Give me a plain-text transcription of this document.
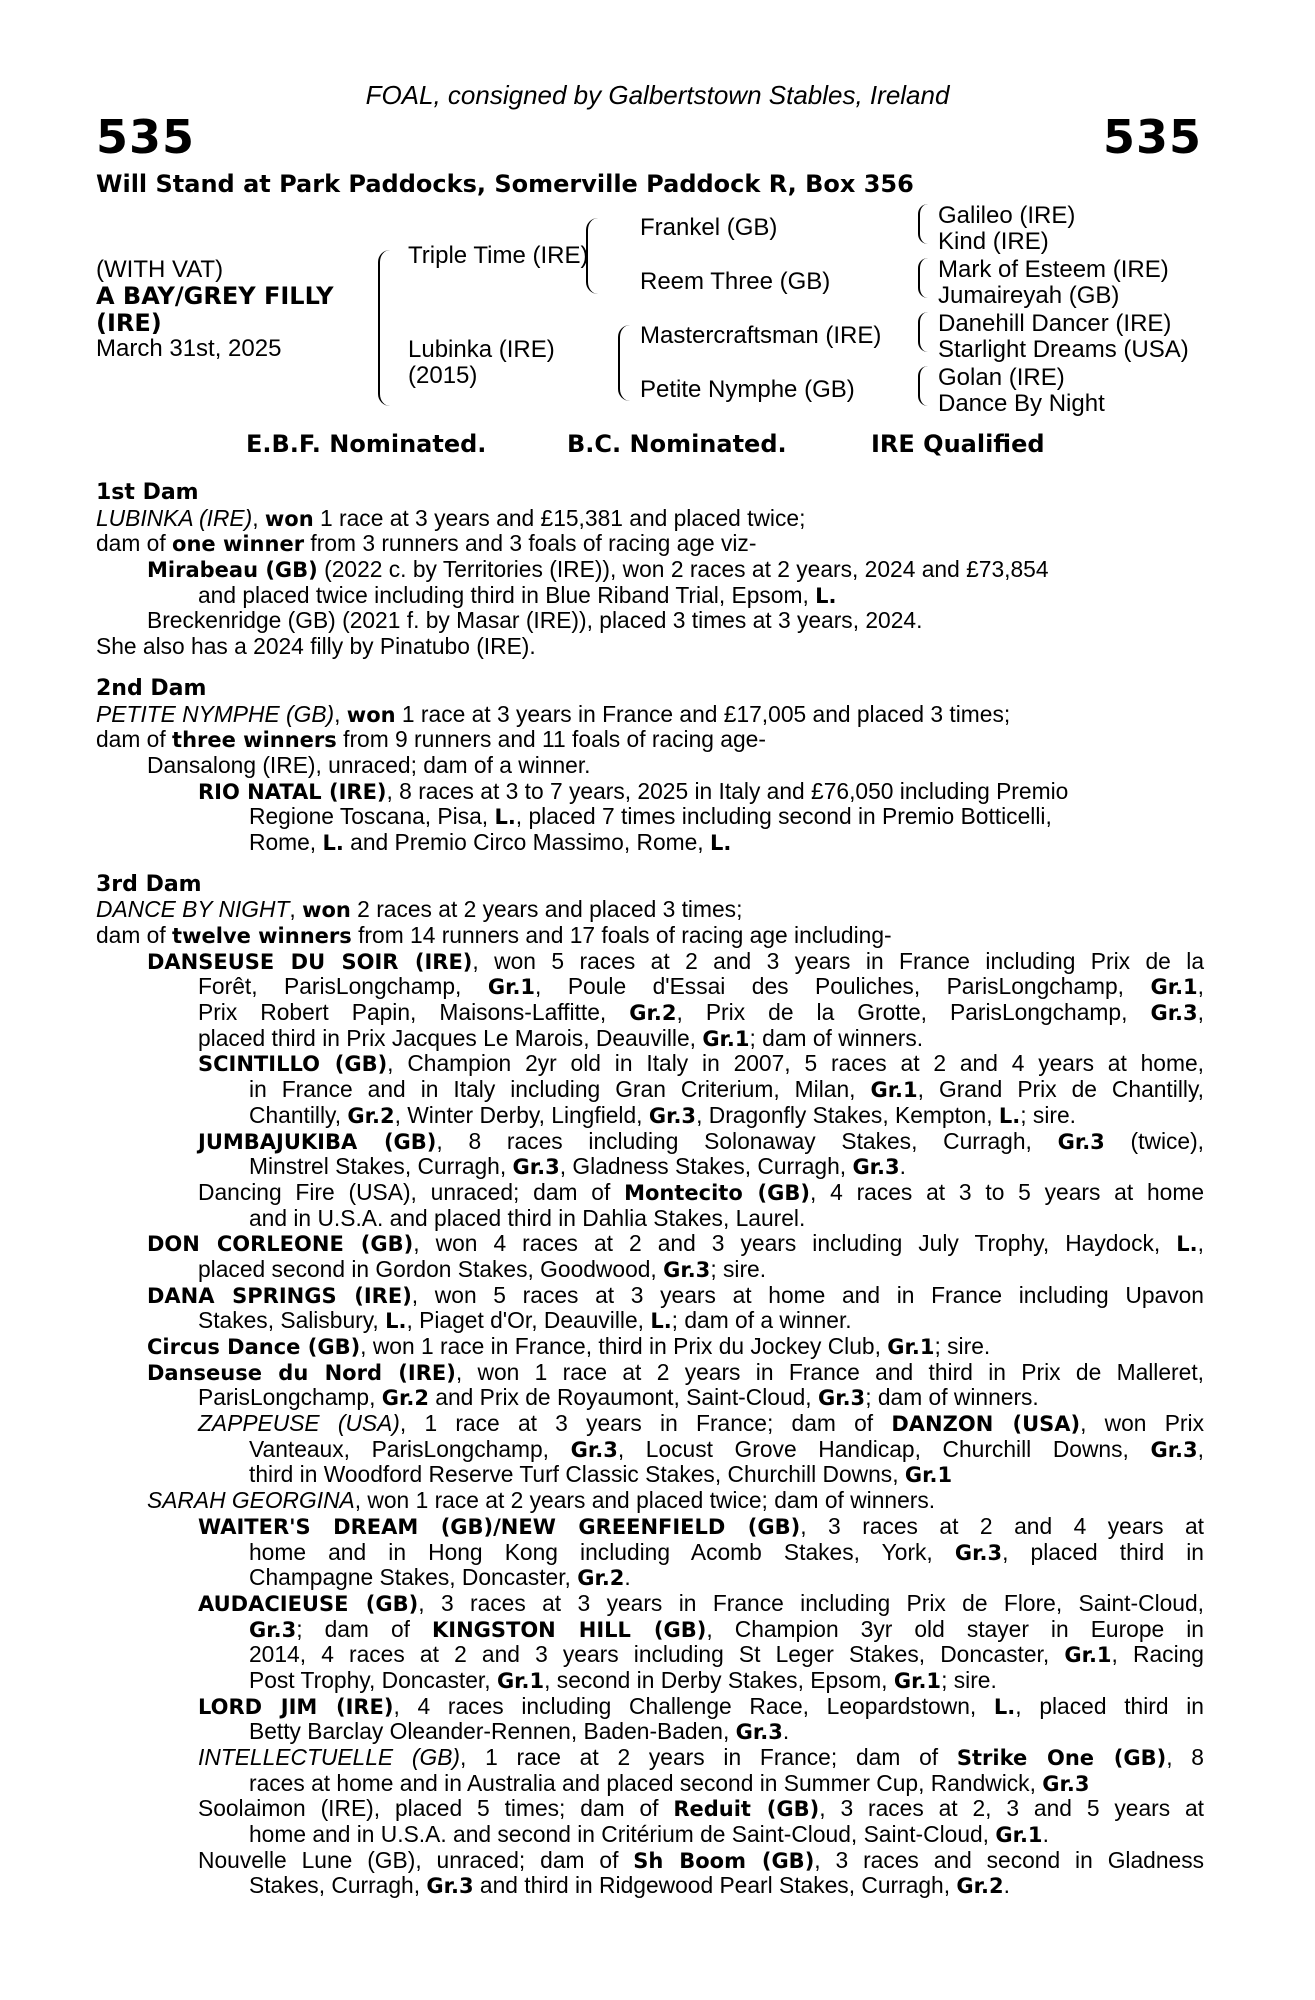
FOAL, consigned by Galbertstown Stables, Ireland
535	535
Will Stand at Park Paddocks, Somerville Paddock R, Box 356
(WITH VAT)
A BAY/GREY FILLY
(IRE)
March 31st, 2025
Triple Time (IRE)
Lubinka (IRE)
(2015)
Frankel (GB)
Reem Three (GB)
Mastercraftsman (IRE)
Petite Nymphe (GB)
Galileo (IRE)
Kind (IRE)
Mark of Esteem (IRE)
Jumaireyah (GB)
Danehill Dancer (IRE)
Starlight Dreams (USA)
Golan (IRE)
Dance By Night
E.B.F. Nominated.	B.C. Nominated.	IRE Qualified
1st Dam
LUBINKA (IRE), won 1 race at 3 years and £15,381 and placed twice;
dam of one winner from 3 runners and 3 foals of racing age viz-
Mirabeau (GB) (2022 c. by Territories (IRE)), won 2 races at 2 years, 2024 and £73,854
and placed twice including third in Blue Riband Trial, Epsom, L.
Breckenridge (GB) (2021 f. by Masar (IRE)), placed 3 times at 3 years, 2024.
She also has a 2024 filly by Pinatubo (IRE).
2nd Dam
PETITE NYMPHE (GB), won 1 race at 3 years in France and £17,005 and placed 3 times;
dam of three winners from 9 runners and 11 foals of racing age-
Dansalong (IRE), unraced; dam of a winner.
RIO NATAL (IRE), 8 races at 3 to 7 years, 2025 in Italy and £76,050 including Premio
Regione Toscana, Pisa, L., placed 7 times including second in Premio Botticelli,
Rome, L. and Premio Circo Massimo, Rome, L.
3rd Dam
DANCE BY NIGHT, won 2 races at 2 years and placed 3 times;
dam of twelve winners from 14 runners and 17 foals of racing age including-
DANSEUSE DU SOIR (IRE), won 5 races at 2 and 3 years in France including Prix de la
Forêt, ParisLongchamp, Gr.1, Poule d'Essai des Pouliches, ParisLongchamp, Gr.1,
Prix Robert Papin, Maisons-Laffitte, Gr.2, Prix de la Grotte, ParisLongchamp, Gr.3,
placed third in Prix Jacques Le Marois, Deauville, Gr.1; dam of winners.
SCINTILLO (GB), Champion 2yr old in Italy in 2007, 5 races at 2 and 4 years at home,
in France and in Italy including Gran Criterium, Milan, Gr.1, Grand Prix de Chantilly,
Chantilly, Gr.2, Winter Derby, Lingfield, Gr.3, Dragonfly Stakes, Kempton, L.; sire.
JUMBAJUKIBA (GB), 8 races including Solonaway Stakes, Curragh, Gr.3 (twice),
Minstrel Stakes, Curragh, Gr.3, Gladness Stakes, Curragh, Gr.3.
Dancing Fire (USA), unraced; dam of Montecito (GB), 4 races at 3 to 5 years at home
and in U.S.A. and placed third in Dahlia Stakes, Laurel.
DON CORLEONE (GB), won 4 races at 2 and 3 years including July Trophy, Haydock, L.,
placed second in Gordon Stakes, Goodwood, Gr.3; sire.
DANA SPRINGS (IRE), won 5 races at 3 years at home and in France including Upavon
Stakes, Salisbury, L., Piaget d'Or, Deauville, L.; dam of a winner.
Circus Dance (GB), won 1 race in France, third in Prix du Jockey Club, Gr.1; sire.
Danseuse du Nord (IRE), won 1 race at 2 years in France and third in Prix de Malleret,
ParisLongchamp, Gr.2 and Prix de Royaumont, Saint-Cloud, Gr.3; dam of winners.
ZAPPEUSE (USA), 1 race at 3 years in France; dam of DANZON (USA), won Prix
Vanteaux, ParisLongchamp, Gr.3, Locust Grove Handicap, Churchill Downs, Gr.3,
third in Woodford Reserve Turf Classic Stakes, Churchill Downs, Gr.1
SARAH GEORGINA, won 1 race at 2 years and placed twice; dam of winners.
WAITER'S DREAM (GB)/NEW GREENFIELD (GB), 3 races at 2 and 4 years at
home and in Hong Kong including Acomb Stakes, York, Gr.3, placed third in
Champagne Stakes, Doncaster, Gr.2.
AUDACIEUSE (GB), 3 races at 3 years in France including Prix de Flore, Saint-Cloud,
Gr.3; dam of KINGSTON HILL (GB), Champion 3yr old stayer in Europe in
2014, 4 races at 2 and 3 years including St Leger Stakes, Doncaster, Gr.1, Racing
Post Trophy, Doncaster, Gr.1, second in Derby Stakes, Epsom, Gr.1; sire.
LORD JIM (IRE), 4 races including Challenge Race, Leopardstown, L., placed third in
Betty Barclay Oleander-Rennen, Baden-Baden, Gr.3.
INTELLECTUELLE (GB), 1 race at 2 years in France; dam of Strike One (GB), 8
races at home and in Australia and placed second in Summer Cup, Randwick, Gr.3
Soolaimon (IRE), placed 5 times; dam of Reduit (GB), 3 races at 2, 3 and 5 years at
home and in U.S.A. and second in Critérium de Saint-Cloud, Saint-Cloud, Gr.1.
Nouvelle Lune (GB), unraced; dam of Sh Boom (GB), 3 races and second in Gladness
Stakes, Curragh, Gr.3 and third in Ridgewood Pearl Stakes, Curragh, Gr.2.
